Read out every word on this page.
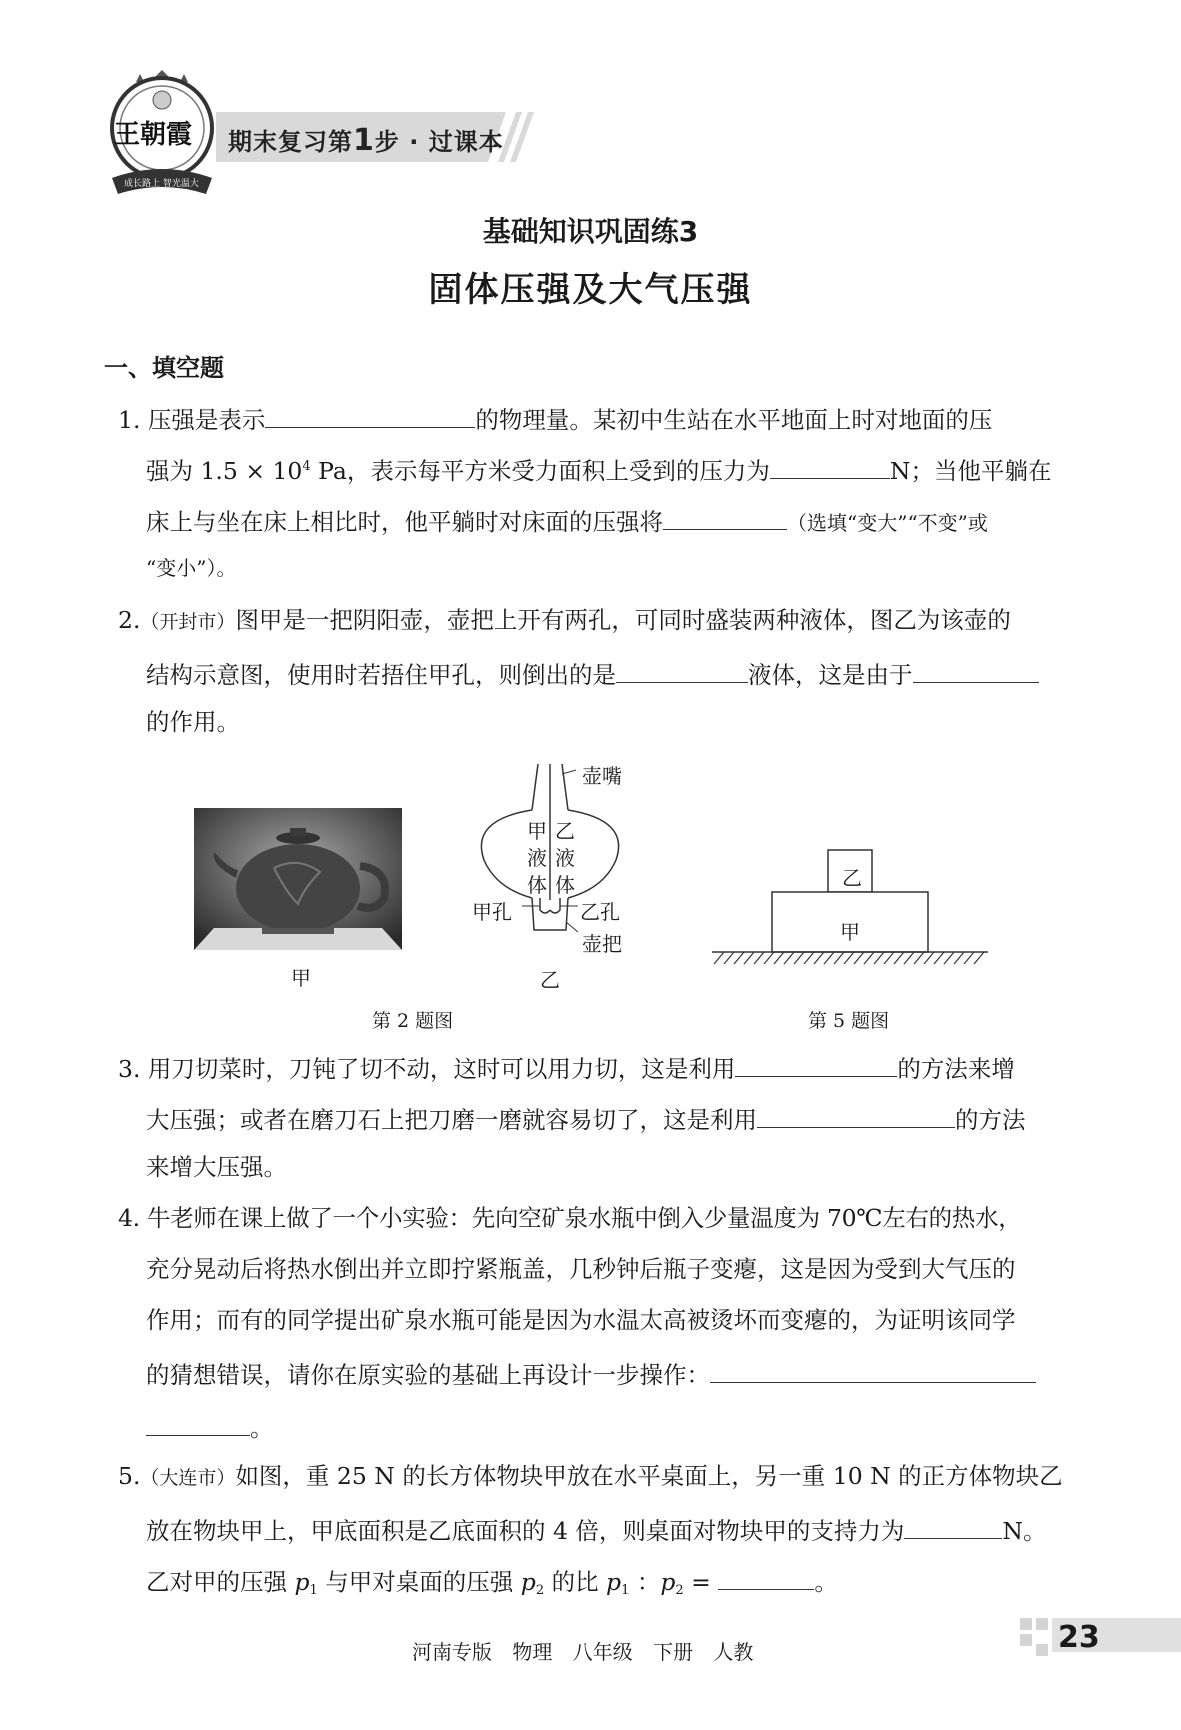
王朝霞
成长路上 智光温大
期末复习第1步 · 过课本
基础知识巩固练3
固体压强及大气压强
一、填空题
1. 压强是表示	的物理量。某初中生站在水平地面上时对地面的压
强为 $1.5 \times 10^4$ Pa，表示每平方米受力面积上受到的压力为	N；当他平躺在
床上与坐在床上相比时，他平躺时对床面的压强将	（选填“变大”“不变”或
“变小”）。
2.（开封市）图甲是一把阴阳壶，壶把上开有两孔，可同时盛装两种液体，图乙为该壶的
结构示意图，使用时若捂住甲孔，则倒出的是	液体，这是由于
的作用。
甲
壶嘴
甲
液
体
乙
液
体
甲孔	乙孔
壶把
乙
乙
甲
第 2 题图	第 5 题图
3. 用刀切菜时，刀钝了切不动，这时可以用力切，这是利用	的方法来增
大压强；或者在磨刀石上把刀磨一磨就容易切了，这是利用	的方法
来增大压强。
4. 牛老师在课上做了一个小实验：先向空矿泉水瓶中倒入少量温度为 70℃左右的热水，
充分晃动后将热水倒出并立即拧紧瓶盖，几秒钟后瓶子变瘪，这是因为受到大气压的
作用；而有的同学提出矿泉水瓶可能是因为水温太高被烫坏而变瘪的，为证明该同学
的猜想错误，请你在原实验的基础上再设计一步操作：
。
5.（大连市）如图，重 25 N 的长方体物块甲放在水平桌面上，另一重 10 N 的正方体物块乙
放在物块甲上，甲底面积是乙底面积的 4 倍，则桌面对物块甲的支持力为	N。
乙对甲的压强 $p_1$ 与甲对桌面的压强 $p_2$ 的比 $p_1$ ：$p_2$ =	。
河南专版 物理 八年级 下册 人教	23
